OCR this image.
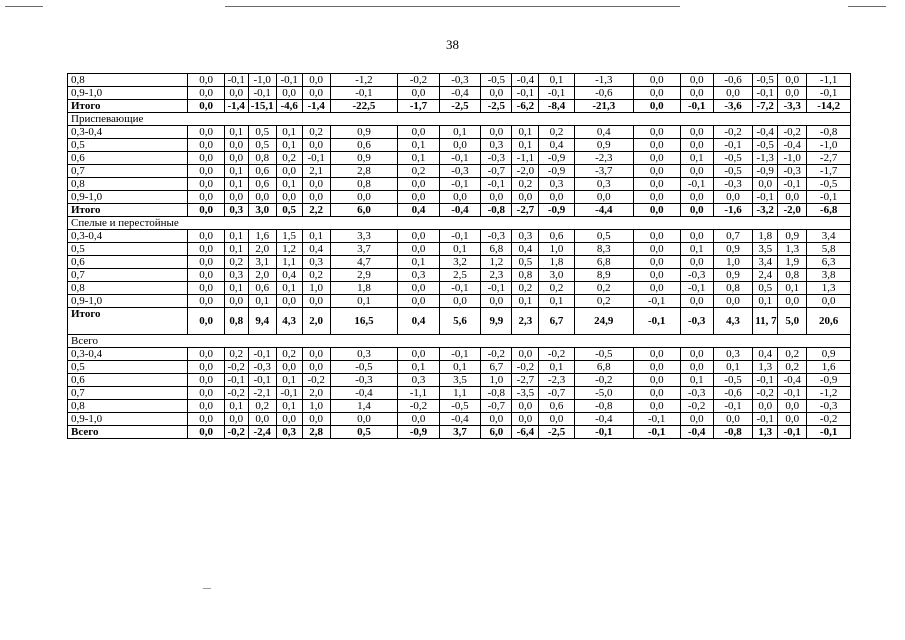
38
0,8	0,0	-0,1	-1,0	-0,1	0,0	-1,2	-0,2	-0,3	-0,5	-0,4	0,1	-1,3	0,0	0,0	-0,6	-0,5	0,0	-1,1
0,9-1,0	0,0	0,0	-0,1	0,0	0,0	-0,1	0,0	-0,4	0,0	-0,1	-0,1	-0,6	0,0	0,0	0,0	-0,1	0,0	-0,1
Итого	0,0	-1,4	-15,1	-4,6	-1,4	-22,5	-1,7	-2,5	-2,5	-6,2	-8,4	-21,3	0,0	-0,1	-3,6	-7,2	-3,3	-14,2
Приспевающие																		
0,3-0,4	0,0	0,1	0,5	0,1	0,2	0,9	0,0	0,1	0,0	0,1	0,2	0,4	0,0	0,0	-0,2	-0,4	-0,2	-0,8
0,5	0,0	0,0	0,5	0,1	0,0	0,6	0,1	0,0	0,3	0,1	0,4	0,9	0,0	0,0	-0,1	-0,5	-0,4	-1,0
0,6	0,0	0,0	0,8	0,2	-0,1	0,9	0,1	-0,1	-0,3	-1,1	-0,9	-2,3	0,0	0,1	-0,5	-1,3	-1,0	-2,7
0,7	0,0	0,1	0,6	0,0	2,1	2,8	0,2	-0,3	-0,7	-2,0	-0,9	-3,7	0,0	0,0	-0,5	-0,9	-0,3	-1,7
0,8	0,0	0,1	0,6	0,1	0,0	0,8	0,0	-0,1	-0,1	0,2	0,3	0,3	0,0	-0,1	-0,3	0,0	-0,1	-0,5
0,9-1,0	0,0	0,0	0,0	0,0	0,0	0,0	0,0	0,0	0,0	0,0	0,0	0,0	0,0	0,0	0,0	-0,1	0,0	-0,1
Итого	0,0	0,3	3,0	0,5	2,2	6,0	0,4	-0,4	-0,8	-2,7	-0,9	-4,4	0,0	0,0	-1,6	-3,2	-2,0	-6,8
Спелые и перестойные																		
0,3-0,4	0,0	0,1	1,6	1,5	0,1	3,3	0,0	-0,1	-0,3	0,3	0,6	0,5	0,0	0,0	0,7	1,8	0,9	3,4
0,5	0,0	0,1	2,0	1,2	0,4	3,7	0,0	0,1	6,8	0,4	1,0	8,3	0,0	0,1	0,9	3,5	1,3	5,8
0,6	0,0	0,2	3,1	1,1	0,3	4,7	0,1	3,2	1,2	0,5	1,8	6,8	0,0	0,0	1,0	3,4	1,9	6,3
0,7	0,0	0,3	2,0	0,4	0,2	2,9	0,3	2,5	2,3	0,8	3,0	8,9	0,0	-0,3	0,9	2,4	0,8	3,8
0,8	0,0	0,1	0,6	0,1	1,0	1,8	0,0	-0,1	-0,1	0,2	0,2	0,2	0,0	-0,1	0,8	0,5	0,1	1,3
0,9-1,0	0,0	0,0	0,1	0,0	0,0	0,1	0,0	0,0	0,0	0,1	0,1	0,2	-0,1	0,0	0,0	0,1	0,0	0,0
Итого	0,0	0,8	9,4	4,3	2,0	16,5	0,4	5,6	9,9	2,3	6,7	24,9	-0,1	-0,3	4,3	11, 7	5,0	20,6
Всего																		
0,3-0,4	0,0	0,2	-0,1	0,2	0,0	0,3	0,0	-0,1	-0,2	0,0	-0,2	-0,5	0,0	0,0	0,3	0,4	0,2	0,9
0,5	0,0	-0,2	-0,3	0,0	0,0	-0,5	0,1	0,1	6,7	-0,2	0,1	6,8	0,0	0,0	0,1	1,3	0,2	1,6
0,6	0,0	-0,1	-0,1	0,1	-0,2	-0,3	0,3	3,5	1,0	-2,7	-2,3	-0,2	0,0	0,1	-0,5	-0,1	-0,4	-0,9
0,7	0,0	-0,2	-2,1	-0,1	2,0	-0,4	-1,1	1,1	-0,8	-3,5	-0,7	-5,0	0,0	-0,3	-0,6	-0,2	-0,1	-1,2
0,8	0,0	0,1	0,2	0,1	1,0	1,4	-0,2	-0,5	-0,7	0,0	0,6	-0,8	0,0	-0,2	-0,1	0,0	0,0	-0,3
0,9-1,0	0,0	0,0	0,0	0,0	0,0	0,0	0,0	-0,4	0,0	0,0	0,0	-0,4	-0,1	0,0	0,0	-0,1	0,0	-0,2
Всего	0,0	-0,2	-2,4	0,3	2,8	0,5	-0,9	3,7	6,0	-6,4	-2,5	-0,1	-0,1	-0,4	-0,8	1,3	-0,1	-0,1
